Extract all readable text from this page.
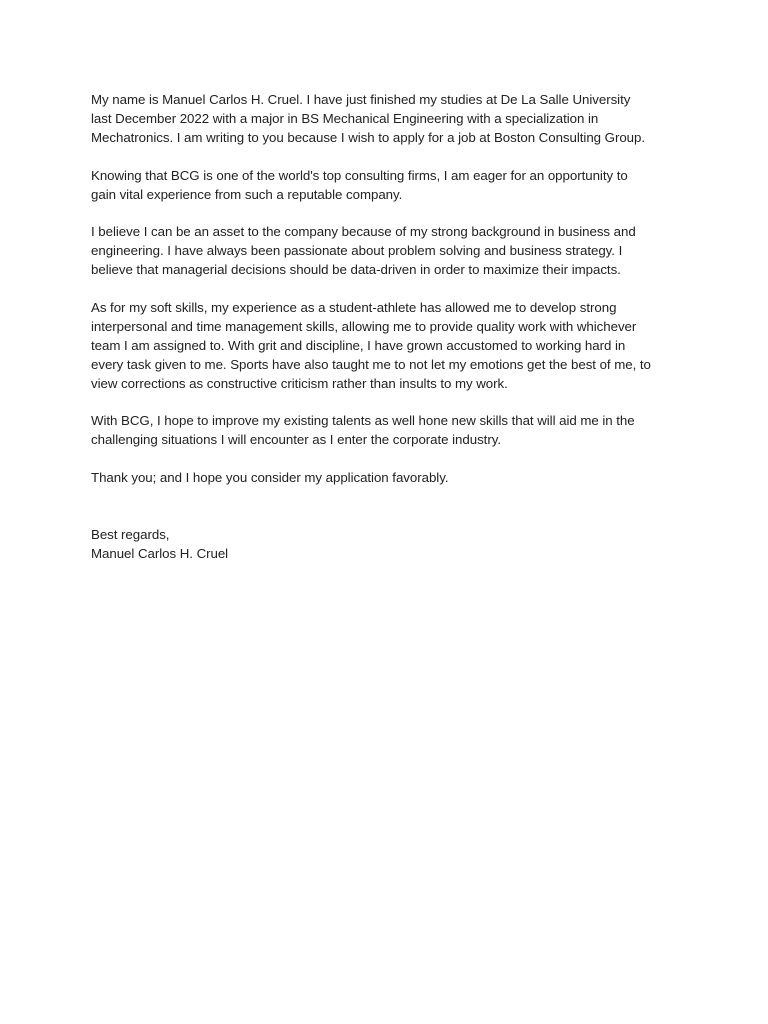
My name is Manuel Carlos H. Cruel. I have just finished my studies at De La Salle University
last December 2022 with a major in BS Mechanical Engineering with a specialization in
Mechatronics. I am writing to you because I wish to apply for a job at Boston Consulting Group.

Knowing that BCG is one of the world's top consulting firms, I am eager for an opportunity to
gain vital experience from such a reputable company.

I believe I can be an asset to the company because of my strong background in business and
engineering. I have always been passionate about problem solving and business strategy. I
believe that managerial decisions should be data-driven in order to maximize their impacts.

As for my soft skills, my experience as a student-athlete has allowed me to develop strong
interpersonal and time management skills, allowing me to provide quality work with whichever
team I am assigned to. With grit and discipline, I have grown accustomed to working hard in
every task given to me. Sports have also taught me to not let my emotions get the best of me, to
view corrections as constructive criticism rather than insults to my work.

With BCG, I hope to improve my existing talents as well hone new skills that will aid me in the
challenging situations I will encounter as I enter the corporate industry.

Thank you; and I hope you consider my application favorably.

Best regards,
Manuel Carlos H. Cruel
